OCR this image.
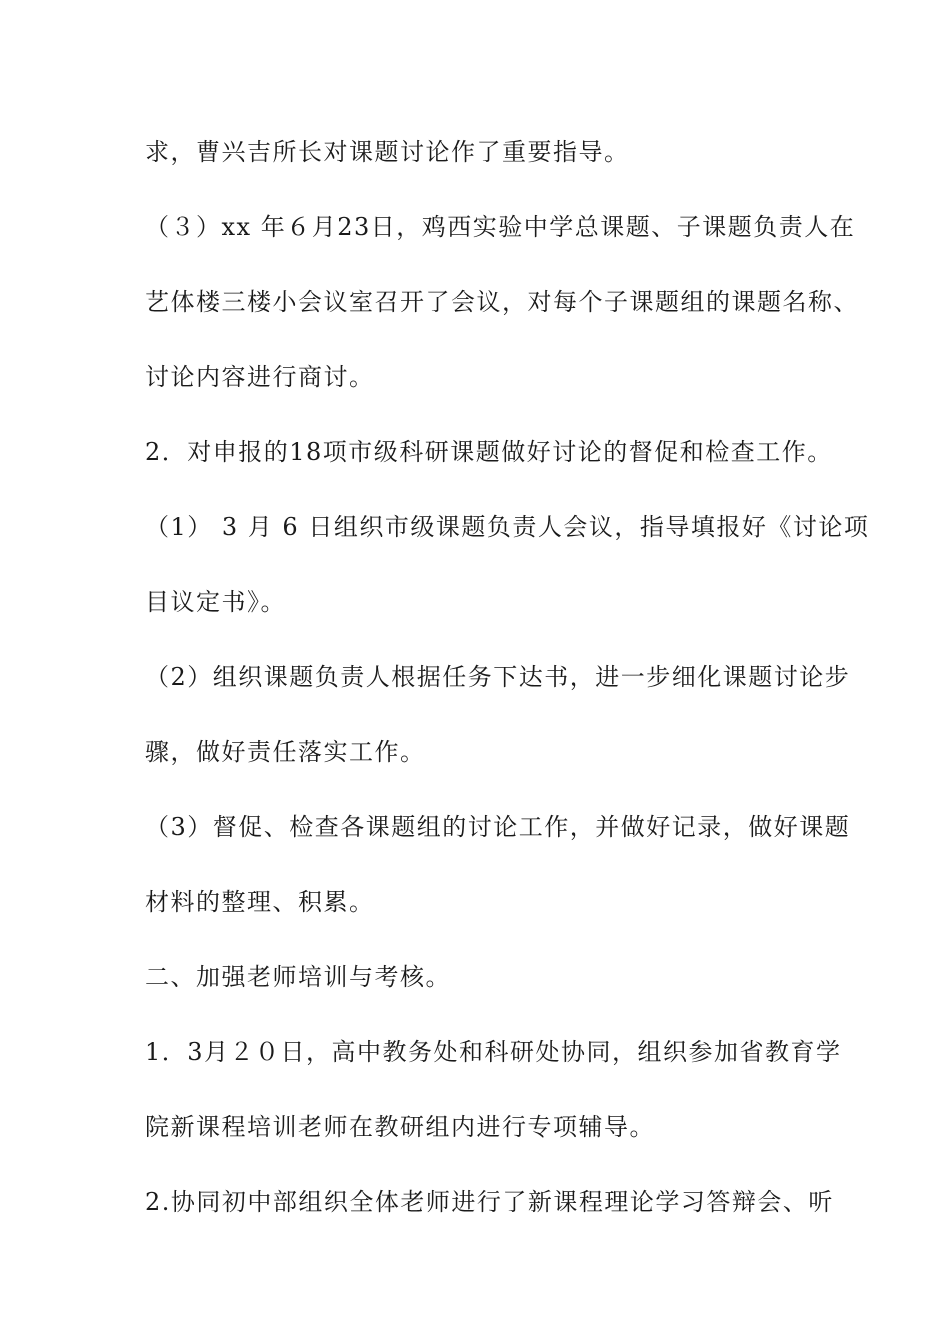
求，曹兴吉所长对课题讨论作了重要指导。
（３）xx 年６月23日，鸡西实验中学总课题、子课题负责人在
艺体楼三楼小会议室召开了会议，对每个子课题组的课题名称、
讨论内容进行商讨。
2．对申报的18项市级科研课题做好讨论的督促和检查工作。
（1） 3 月 6 日组织市级课题负责人会议，指导填报好《讨论项
目议定书》。
（2）组织课题负责人根据任务下达书，进一步细化课题讨论步
骤，做好责任落实工作。
（3）督促、检查各课题组的讨论工作，并做好记录，做好课题
材料的整理、积累。
二、加强老师培训与考核。
1．3月２０日，高中教务处和科研处协同，组织参加省教育学
院新课程培训老师在教研组内进行专项辅导。
2.协同初中部组织全体老师进行了新课程理论学习答辩会、听
